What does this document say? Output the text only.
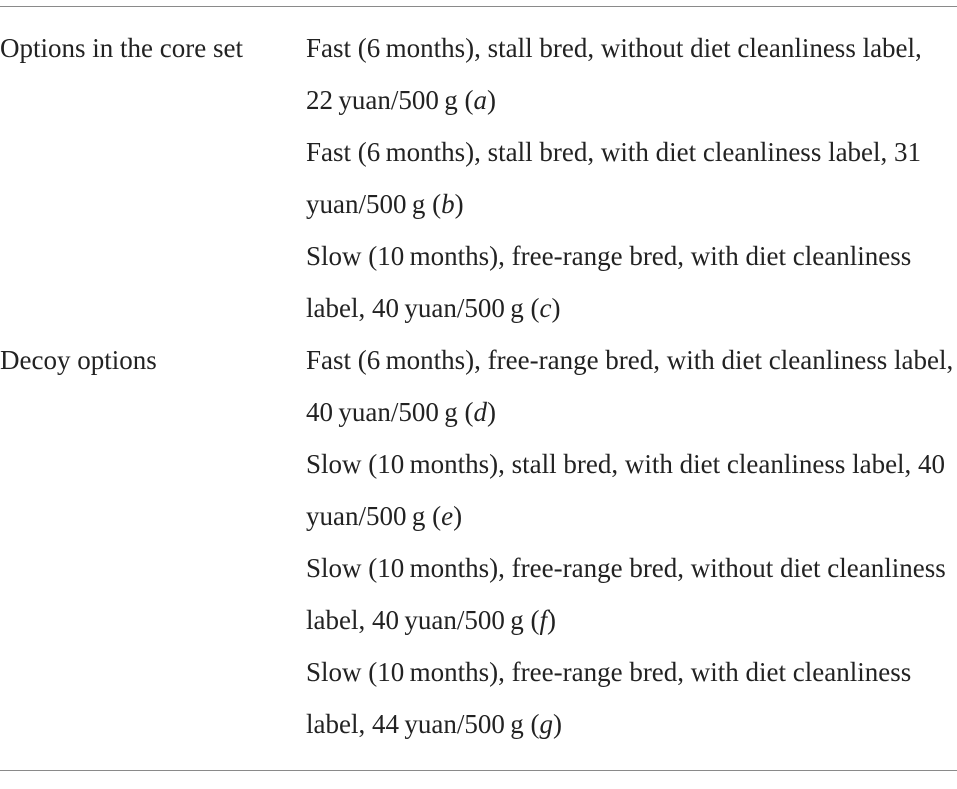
Options in the core set	Fast (6 months), stall bred, without diet cleanliness label, 22 yuan/500 g (a)
Fast (6 months), stall bred, with diet cleanliness label, 31 yuan/500 g (b)
Slow (10 months), free-range bred, with diet cleanliness label, 40 yuan/500 g (c)
Decoy options	Fast (6 months), free-range bred, with diet cleanliness label, 40 yuan/500 g (d)
Slow (10 months), stall bred, with diet cleanliness label, 40 yuan/500 g (e)
Slow (10 months), free-range bred, without diet cleanliness label, 40 yuan/500 g (f)
Slow (10 months), free-range bred, with diet cleanliness label, 44 yuan/500 g (g)
